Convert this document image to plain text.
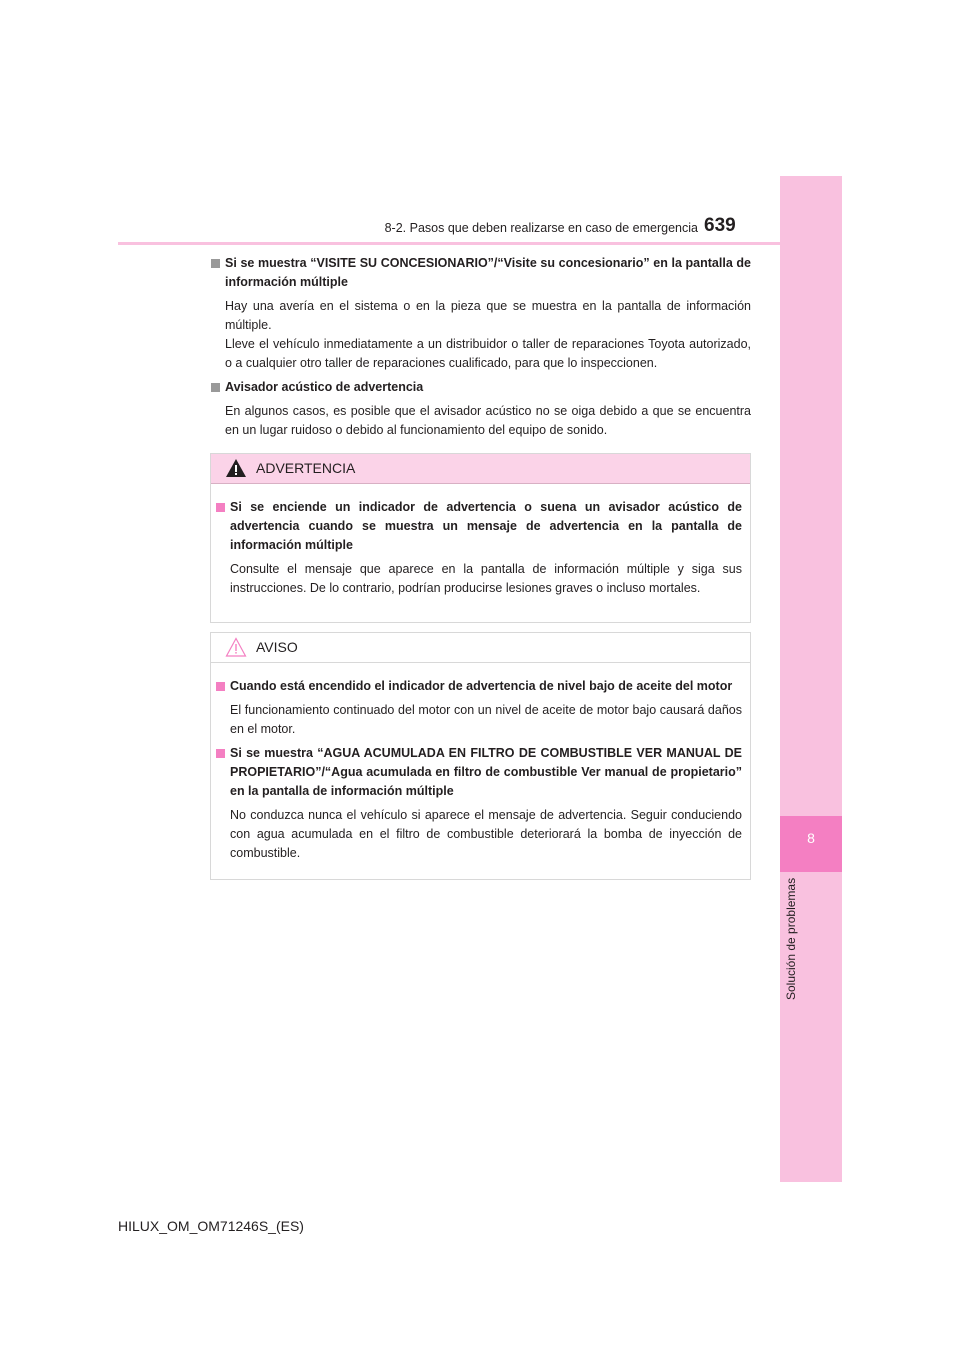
8
Solución de problemas
8-2. Pasos que deben realizarse en caso de emergencia 639
Si se muestra “VISITE SU CONCESIONARIO”/“Visite su concesionario” en la pantalla de información múltiple
Hay una avería en el sistema o en la pieza que se muestra en la pantalla de información múltiple.
Lleve el vehículo inmediatamente a un distribuidor o taller de reparaciones Toyota autorizado, o a cualquier otro taller de reparaciones cualificado, para que lo inspeccionen.
Avisador acústico de advertencia
En algunos casos, es posible que el avisador acústico no se oiga debido a que se encuentra en un lugar ruidoso o debido al funcionamiento del equipo de sonido.
ADVERTENCIA
Si se enciende un indicador de advertencia o suena un avisador acústico de advertencia cuando se muestra un mensaje de advertencia en la pantalla de información múltiple
Consulte el mensaje que aparece en la pantalla de información múltiple y siga sus instrucciones. De lo contrario, podrían producirse lesiones graves o incluso mortales.
AVISO
Cuando está encendido el indicador de advertencia de nivel bajo de aceite del motor
El funcionamiento continuado del motor con un nivel de aceite de motor bajo causará daños en el motor.
Si se muestra “AGUA ACUMULADA EN FILTRO DE COMBUSTIBLE VER MANUAL DE PROPIETARIO”/“Agua acumulada en filtro de combustible Ver manual de propietario” en la pantalla de información múltiple
No conduzca nunca el vehículo si aparece el mensaje de advertencia. Seguir conduciendo con agua acumulada en el filtro de combustible deteriorará la bomba de inyección de combustible.
HILUX_OM_OM71246S_(ES)
